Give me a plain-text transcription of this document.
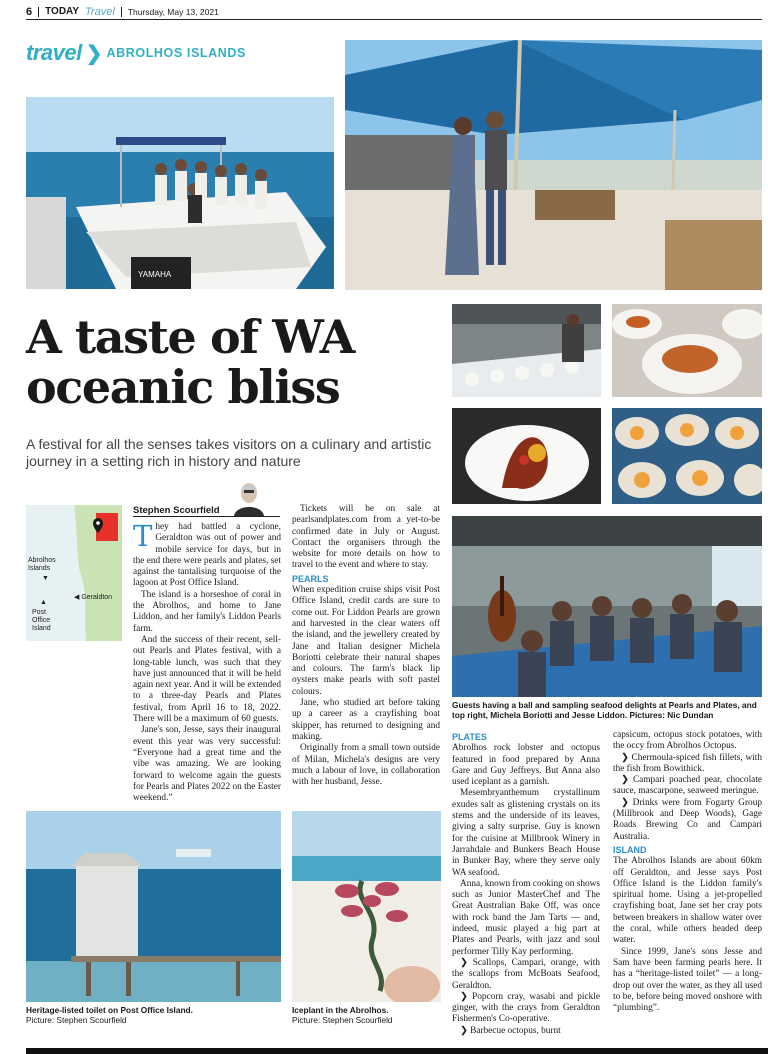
6 TODAY Travel Thursday, May 13, 2021
travel ❯ ABROLHOS ISLANDS
YAMAHA
A taste of WA oceanic bliss

A festival for all the senses takes visitors on a culinary and artistic journey in a setting rich in history and nature

Abrolhos Islands
▼
◀ Geraldton
▲
Post Office Island
Stephen Scourfield

They had battled a cyclone, Geraldton was out of power and mobile service for days, but in the end there were pearls and plates, set against the tantalising turquoise of the lagoon at Post Office Island.

The island is a horseshoe of coral in the Abrolhos, and home to Jane Liddon, and her family's Liddon Pearls farm.

And the success of their recent, sell-out Pearls and Plates festival, with a long-table lunch, was such that they have just announced that it will be held again next year. And it will be extended to a three-day Pearls and Plates festival, from April 16 to 18, 2022. There will be a maximum of 60 guests.

Jane's son, Jesse, says their inaugural event this year was very successful: “Everyone had a great time and the vibe was amazing. We are looking forward to welcome again the guests for Pearls and Plates 2022 on the Easter weekend.”

Tickets will be on sale at pearlsandplates.com from a yet-to-be confirmed date in July or August. Contact the organisers through the website for more details on how to travel to the event and where to stay.

PEARLS

When expedition cruise ships visit Post Office Island, credit cards are sure to come out. For Liddon Pearls are grown and harvested in the clear waters off the island, and the jewellery created by Jane and Italian designer Michela Boriotti celebrate their natural shapes and colours. The farm's black lip oysters make pearls with soft pastel colours.

Jane, who studied art before taking up a career as a crayfishing boat skipper, has returned to designing and making.

Originally from a small town outside of Milan, Michela's designs are very much a labour of love, in collaboration with her husband, Jesse.

Guests having a ball and sampling seafood delights at Pearls and Plates, and top right, Michela Boriotti and Jesse Liddon. Pictures: Nic Dundan
PLATES

Abrolhos rock lobster and octopus featured in food prepared by Anna Gare and Guy Jeffreys. But Anna also used iceplant as a garnish.

Mesembryanthemum crystallinum exudes salt as glistening crystals on its stems and the underside of its leaves, giving a salty surprise. Guy is known for the cuisine at Millbrook Winery in Jarrahdale and Bunkers Beach House in Bunker Bay, where they serve only WA seafood.

Anna, known from cooking on shows such as Junior MasterChef and The Great Australian Bake Off, was once with rock band the Jam Tarts — and, indeed, music played a big part at Plates and Pearls, with jazz and soul performer Tilly Kay performing.

❯ Scallops, Campari, orange, with the scallops from McBoats Seafood, Geraldton.

❯ Popcorn cray, wasabi and pickle ginger, with the crays from Geraldton Fishermen's Co-operative.

❯ Barbecue octopus, burnt

capsicum, octopus stock potatoes, with the occy from Abrolhos Octopus.

❯ Chermoula-spiced fish fillets, with the fish from Bowithick.

❯ Campari poached pear, chocolate sauce, mascarpone, seaweed meringue.

❯ Drinks were from Fogarty Group (Millbrook and Deep Woods), Gage Roads Brewing Co and Campari Australia.

ISLAND

The Abrolhos Islands are about 60km off Geraldton, and Jesse says Post Office Island is the Liddon family's spiritual home. Using a jet-propelled crayfishing boat, Jane set her cray pots between breakers in shallow water over the coral, while others headed deep water.

Since 1999, Jane's sons Jesse and Sam have been farming pearls here. It has a “heritage-listed toilet” — a long-drop out over the water, as they all used to be, before being moved onshore with “plumbing”.

Heritage-listed toilet on Post Office Island.
Picture: Stephen Scourfield
Iceplant in the Abrolhos.
Picture: Stephen Scourfield
